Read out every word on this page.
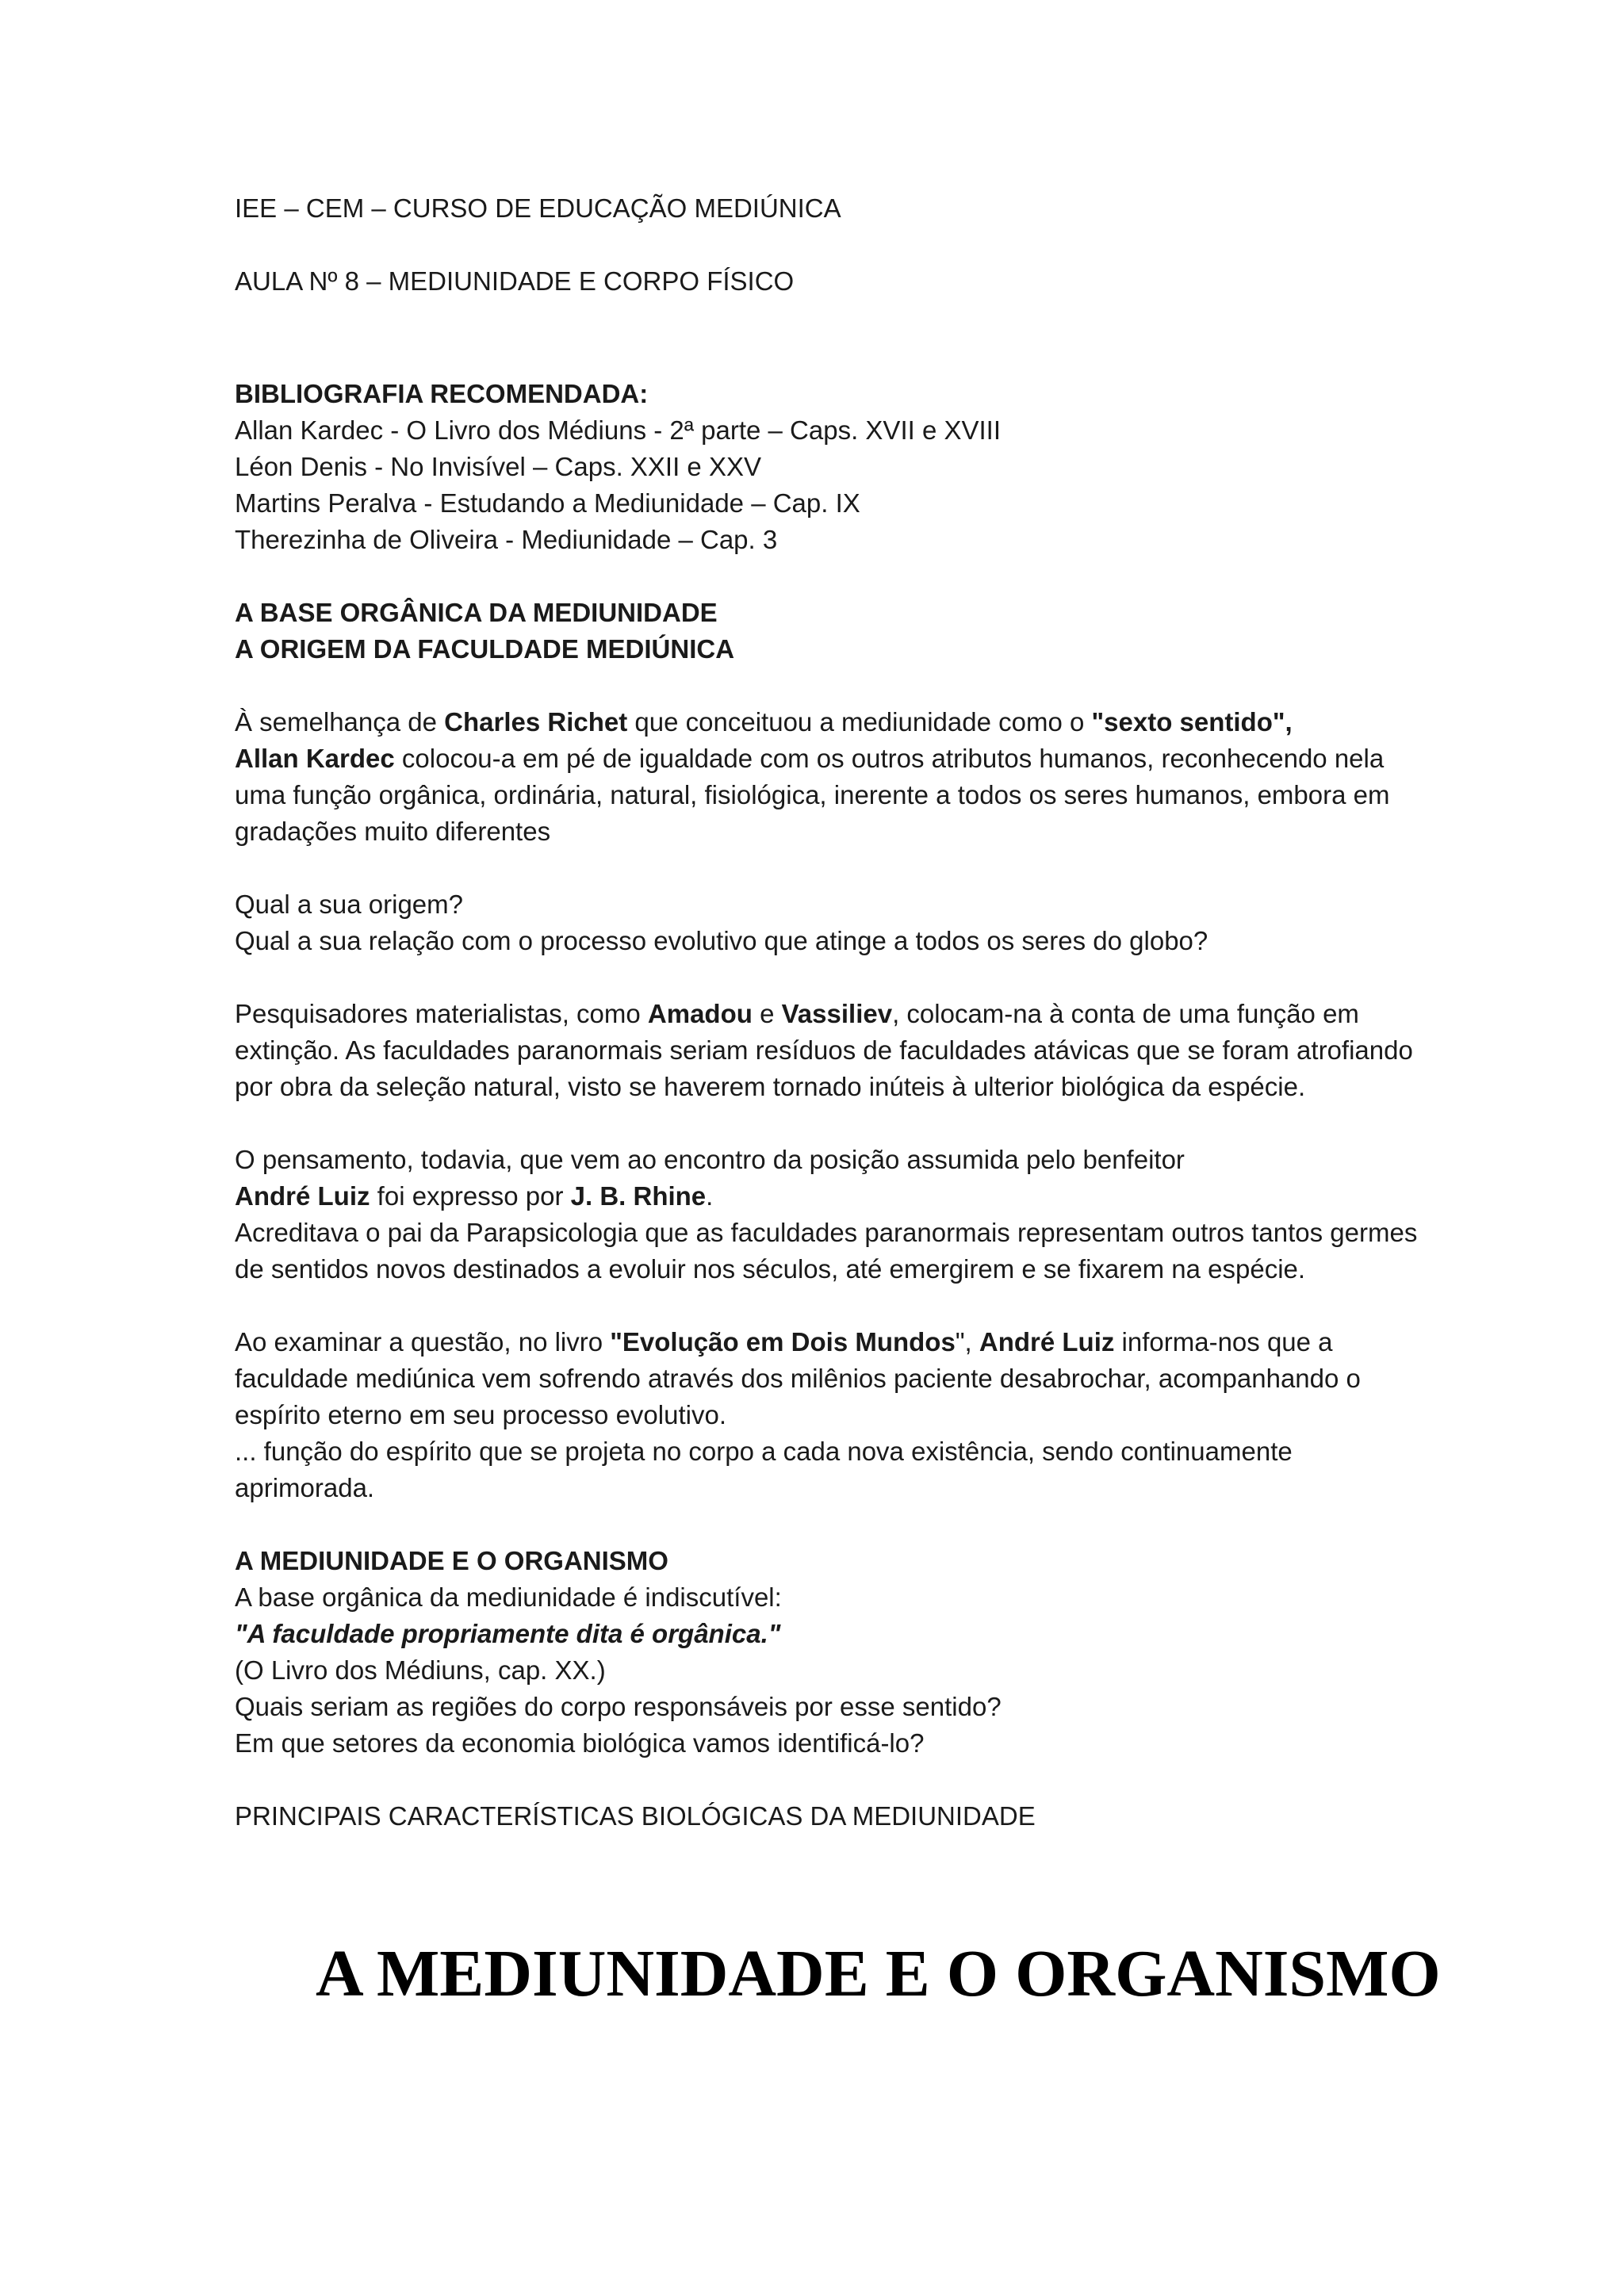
IEE – CEM – CURSO DE EDUCAÇÃO MEDIÚNICA

AULA Nº 8 – MEDIUNIDADE E CORPO FÍSICO

BIBLIOGRAFIA RECOMENDADA:

Allan Kardec - O Livro dos Médiuns - 2ª parte – Caps. XVII e XVIII

Léon Denis - No Invisível – Caps. XXII e XXV

Martins Peralva - Estudando a Mediunidade – Cap. IX

Therezinha de Oliveira - Mediunidade – Cap. 3

A BASE ORGÂNICA DA MEDIUNIDADE

A ORIGEM DA FACULDADE MEDIÚNICA

À semelhança de Charles Richet que conceituou a mediunidade como o "sexto sentido",
Allan Kardec colocou-a em pé de igualdade com os outros atributos humanos, reconhecendo nela uma função orgânica, ordinária, natural, fisiológica, inerente a todos os seres humanos, embora em gradações muito diferentes

Qual a sua origem?

Qual a sua relação com o processo evolutivo que atinge a todos os seres do globo?

Pesquisadores materialistas, como Amadou e Vassiliev, colocam-na à conta de uma função em extinção. As faculdades paranormais seriam resíduos de faculdades atávicas que se foram atrofiando por obra da seleção natural, visto se haverem tornado inúteis à ulterior biológica da espécie.

O pensamento, todavia, que vem ao encontro da posição assumida pelo benfeitor
André Luiz foi expresso por J. B. Rhine.

Acreditava o pai da Parapsicologia que as faculdades paranormais representam outros tantos germes de sentidos novos destinados a evoluir nos séculos, até emergirem e se fixarem na espécie.

Ao examinar a questão, no livro "Evolução em Dois Mundos", André Luiz informa-nos que a faculdade mediúnica vem sofrendo através dos milênios paciente desabrochar, acompanhando o espírito eterno em seu processo evolutivo.

... função do espírito que se projeta no corpo a cada nova existência, sendo continuamente aprimorada.

A MEDIUNIDADE E O ORGANISMO

A base orgânica da mediunidade é indiscutível:

"A faculdade propriamente dita é orgânica."

(O Livro dos Médiuns, cap. XX.)

Quais seriam as regiões do corpo responsáveis por esse sentido?

Em que setores da economia biológica vamos identificá-lo?

PRINCIPAIS CARACTERÍSTICAS BIOLÓGICAS DA MEDIUNIDADE

A MEDIUNIDADE E O ORGANISMO
